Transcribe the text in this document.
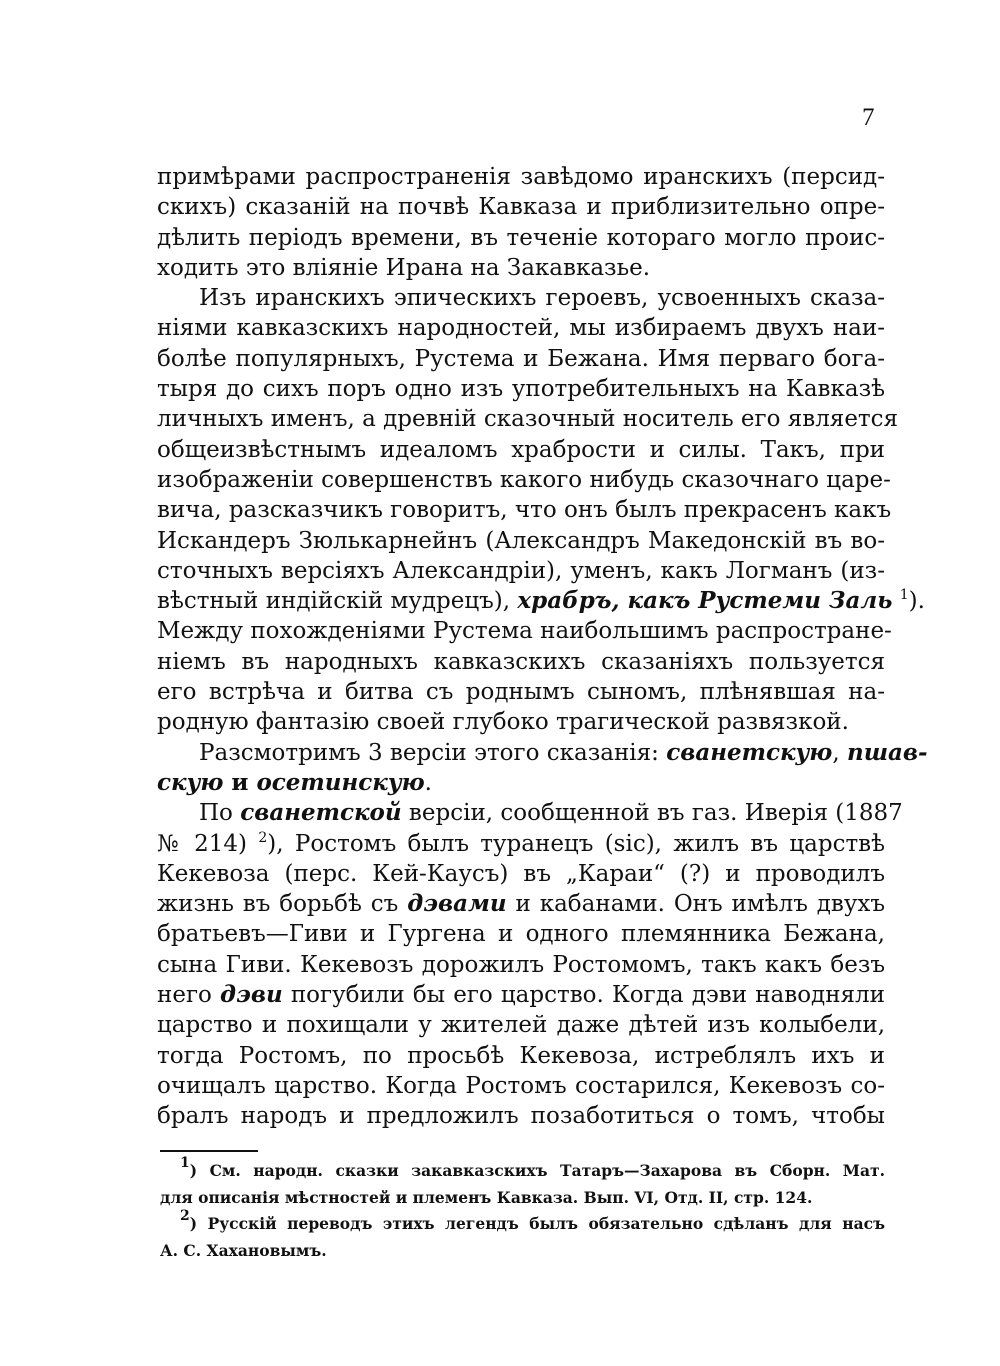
7
примѣрами распространенія завѣдомо иранскихъ (персид-
скихъ) сказаній на почвѣ Кавказа и приблизительно опре-
дѣлить періодъ времени, въ теченіе котораго могло проис-
ходить это вліяніе Ирана на Закавказье.
Изъ иранскихъ эпическихъ героевъ, усвоенныхъ сказа-
ніями кавказскихъ народностей, мы избираемъ двухъ наи-
болѣе популярныхъ, Рустема и Бежана. Имя перваго бога-
тыря до сихъ поръ одно изъ употребительныхъ на Кавказѣ
личныхъ именъ, а древній сказочный носитель его является
общеизвѣстнымъ идеаломъ храбрости и силы. Такъ, при
изображеніи совершенствъ какого нибудь сказочнаго царе-
вича, разсказчикъ говоритъ, что онъ былъ прекрасенъ какъ
Искандеръ Зюлькарнейнъ (Александръ Македонскій въ во-
сточныхъ версіяхъ Александріи), уменъ, какъ Логманъ (из-
вѣстный индійскій мудрецъ), храбръ, какъ Рустеми Заль $^1$).
Между похожденіями Рустема наибольшимъ распростране-
ніемъ въ народныхъ кавказскихъ сказаніяхъ пользуется
его встрѣча и битва съ роднымъ сыномъ, плѣнявшая на-
родную фантазію своей глубоко трагической развязкой.
Разсмотримъ 3 версіи этого сказанія: сванетскую, пшав-
скую и осетинскую.
По сванетской версіи, сообщенной въ газ. Иверія (1887
№ 214) $^2$), Ростомъ былъ туранецъ (sic), жилъ въ царствѣ
Кекевоза (перс. Кей-Каусъ) въ „Караи“ (?) и проводилъ
жизнь въ борьбѣ съ дэвами и кабанами. Онъ имѣлъ двухъ
братьевъ—Гиви и Гургена и одного племянника Бежана,
сына Гиви. Кекевозъ дорожилъ Ростомомъ, такъ какъ безъ
него дэви погубили бы его царство. Когда дэви наводняли
царство и похищали у жителей даже дѣтей изъ колыбели,
тогда Ростомъ, по просьбѣ Кекевоза, истреблялъ ихъ и
очищалъ царство. Когда Ростомъ состарился, Кекевозъ со-
бралъ народъ и предложилъ позаботиться о томъ, чтобы
$^1$) См. народн. сказки закавказскихъ Татаръ—Захарова въ Сборн. Мат.
для описанія мѣстностей и племенъ Кавказа. Вып. VI, Отд. II, стр. 124.
$^2$) Русскій переводъ этихъ легендъ былъ обязательно сдѣланъ для насъ
А. С. Хахановымъ.
